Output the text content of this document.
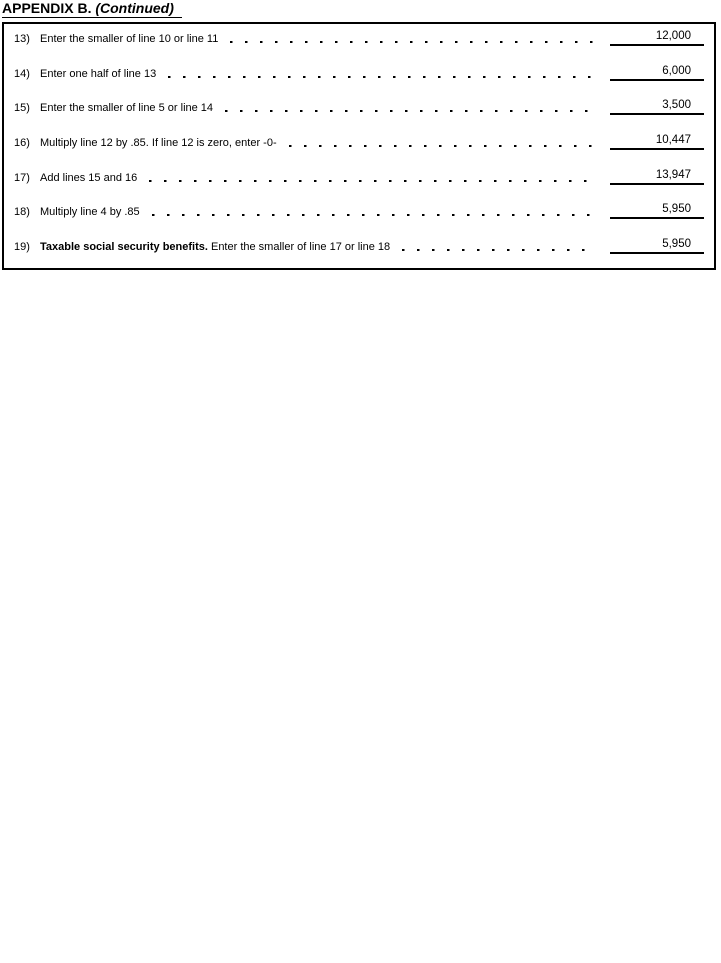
APPENDIX B. (Continued)
13) Enter the smaller of line 10 or line 11	12,000
14) Enter one half of line 13	6,000
15) Enter the smaller of line 5 or line 14	3,500
16) Multiply line 12 by .85. If line 12 is zero, enter -0-	10,447
17) Add lines 15 and 16	13,947
18) Multiply line 4 by .85	5,950
19) Taxable social security benefits. Enter the smaller of line 17 or line 18	5,950
